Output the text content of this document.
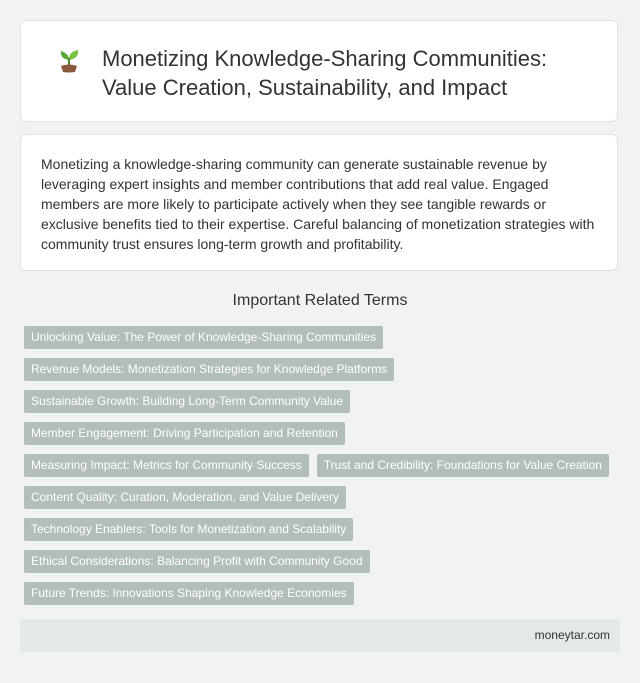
Monetizing Knowledge-Sharing Communities: Value Creation, Sustainability, and Impact

Monetizing a knowledge-sharing community can generate sustainable revenue by leveraging expert insights and member contributions that add real value. Engaged members are more likely to participate actively when they see tangible rewards or exclusive benefits tied to their expertise. Careful balancing of monetization strategies with community trust ensures long-term growth and profitability.

Important Related Terms
Unlocking Value: The Power of Knowledge-Sharing Communities
Revenue Models: Monetization Strategies for Knowledge Platforms
Sustainable Growth: Building Long-Term Community Value
Member Engagement: Driving Participation and Retention
Measuring Impact: Metrics for Community Success	Trust and Credibility: Foundations for Value Creation
Content Quality: Curation, Moderation, and Value Delivery
Technology Enablers: Tools for Monetization and Scalability
Ethical Considerations: Balancing Profit with Community Good
Future Trends: Innovations Shaping Knowledge Economies
moneytar.com
